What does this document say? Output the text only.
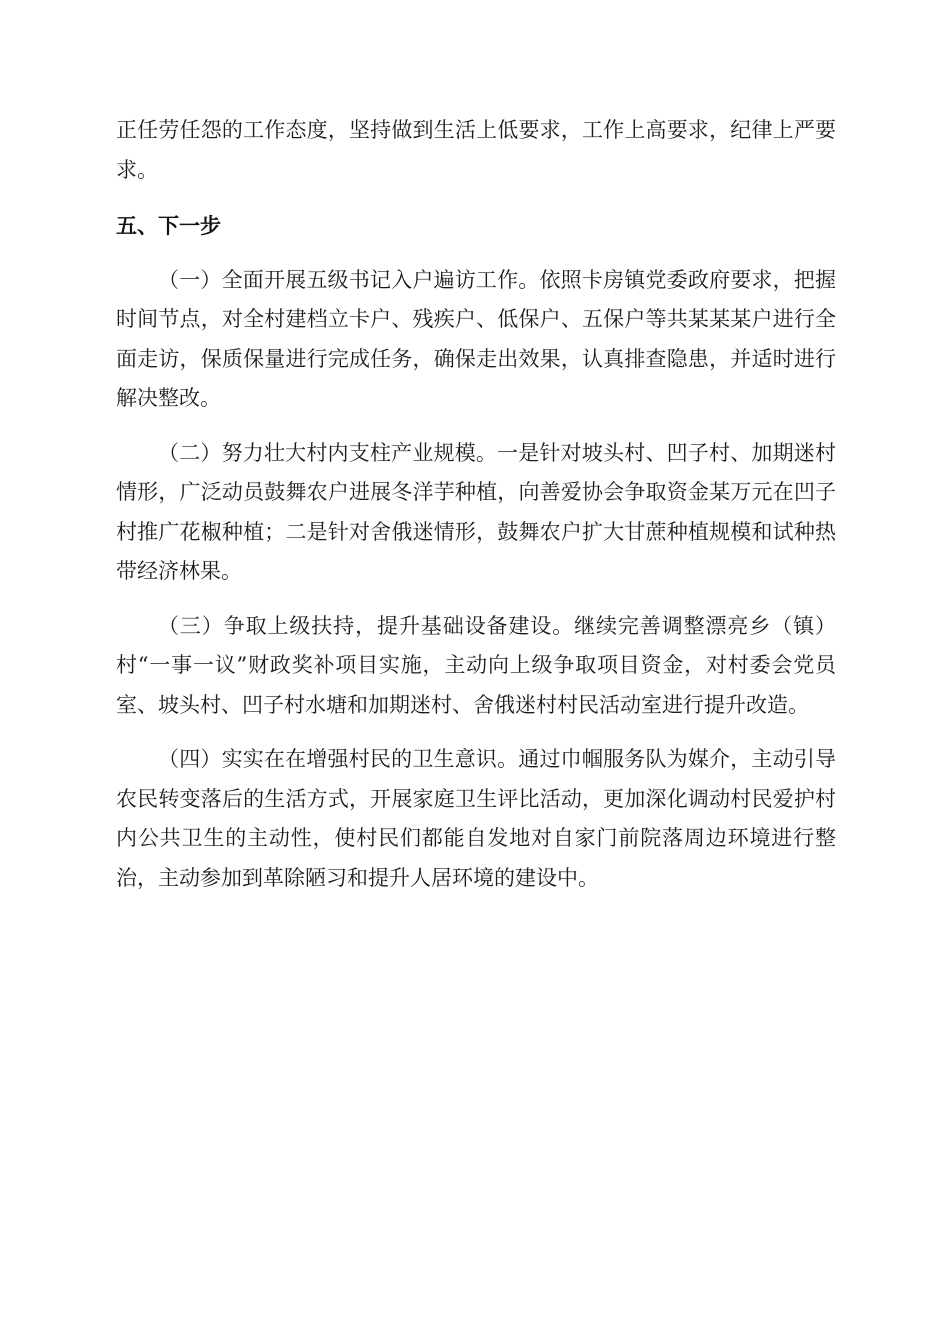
正任劳任怨的工作态度，坚持做到生活上低要求，工作上高要求，纪律上严要求。

五、下一步

（一）全面开展五级书记入户遍访工作。依照卡房镇党委政府要求，把握时间节点，对全村建档立卡户、残疾户、低保户、五保户等共某某某户进行全面走访，保质保量进行完成任务，确保走出效果，认真排查隐患，并适时进行解决整改。

（二）努力壮大村内支柱产业规模。一是针对坡头村、凹子村、加期迷村情形，广泛动员鼓舞农户进展冬洋芋种植，向善爱协会争取资金某万元在凹子村推广花椒种植；二是针对舍俄迷情形，鼓舞农户扩大甘蔗种植规模和试种热带经济林果。

（三）争取上级扶持，提升基础设备建设。继续完善调整漂亮乡（镇）村“一事一议”财政奖补项目实施，主动向上级争取项目资金，对村委会党员室、坡头村、凹子村水塘和加期迷村、舍俄迷村村民活动室进行提升改造。

（四）实实在在增强村民的卫生意识。通过巾帼服务队为媒介，主动引导农民转变落后的生活方式，开展家庭卫生评比活动，更加深化调动村民爱护村内公共卫生的主动性，使村民们都能自发地对自家门前院落周边环境进行整治，主动参加到革除陋习和提升人居环境的建设中。
